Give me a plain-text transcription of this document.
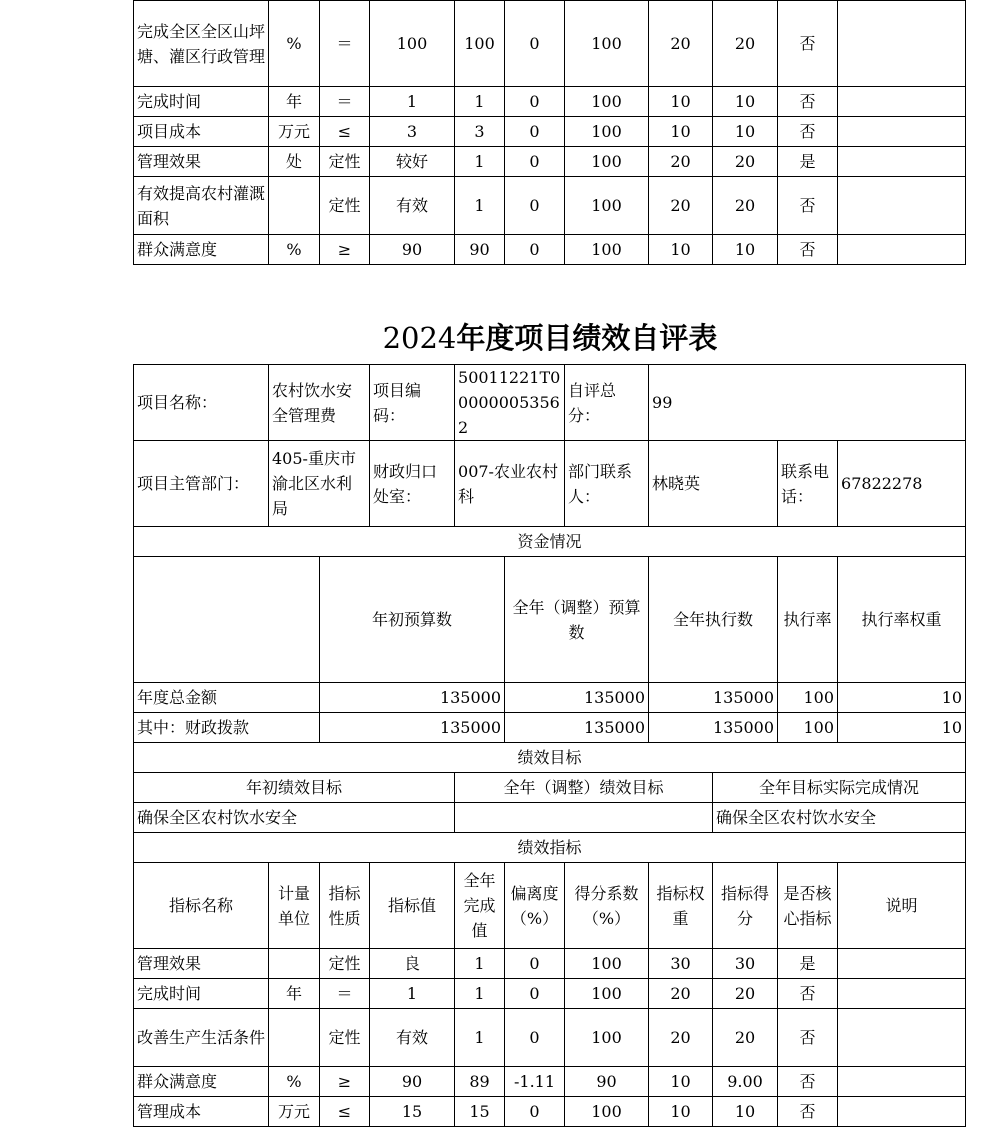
完成全区全区山坪塘、灌区行政管理	%	＝	100	100	0	100	20	20	否	
完成时间	年	＝	1	1	0	100	10	10	否	
项目成本	万元	≤	3	3	0	100	10	10	否	
管理效果	处	定性	较好	1	0	100	20	20	是	
有效提高农村灌溉面积		定性	有效	1	0	100	20	20	否	
群众满意度	%	≥	90	90	0	100	10	10	否	
2024年度项目绩效自评表
项目名称：	农村饮水安全管理费		项目编码：	50011221T000000053562		自评总分：	99				
项目主管部门：	405-重庆市渝北区水利局		财政归口处室：	007-农业农村科		部门联系人：	林晓英		联系电话：	67822278	
资金情况											
		年初预算数			全年（调整）预算数		全年执行数		执行率	执行率权重	
年度总金额		135000			135000		135000		100	10	
其中：财政拨款		135000			135000		135000		100	10	
绩效目标											
年初绩效目标				全年（调整）绩效目标				全年目标实际完成情况			
确保全区农村饮水安全								确保全区农村饮水安全			
绩效指标											
指标名称	计量单位	指标性质	指标值	全年完成值	偏离度（%）	得分系数（%）	指标权重	指标得分	是否核心指标	说明	
管理效果		定性	良	1	0	100	30	30	是		
完成时间	年	＝	1	1	0	100	20	20	否		
改善生产生活条件		定性	有效	1	0	100	20	20	否		
群众满意度	%	≥	90	89	-1.11	90	10	9.00	否		
管理成本	万元	≤	15	15	0	100	10	10	否		
